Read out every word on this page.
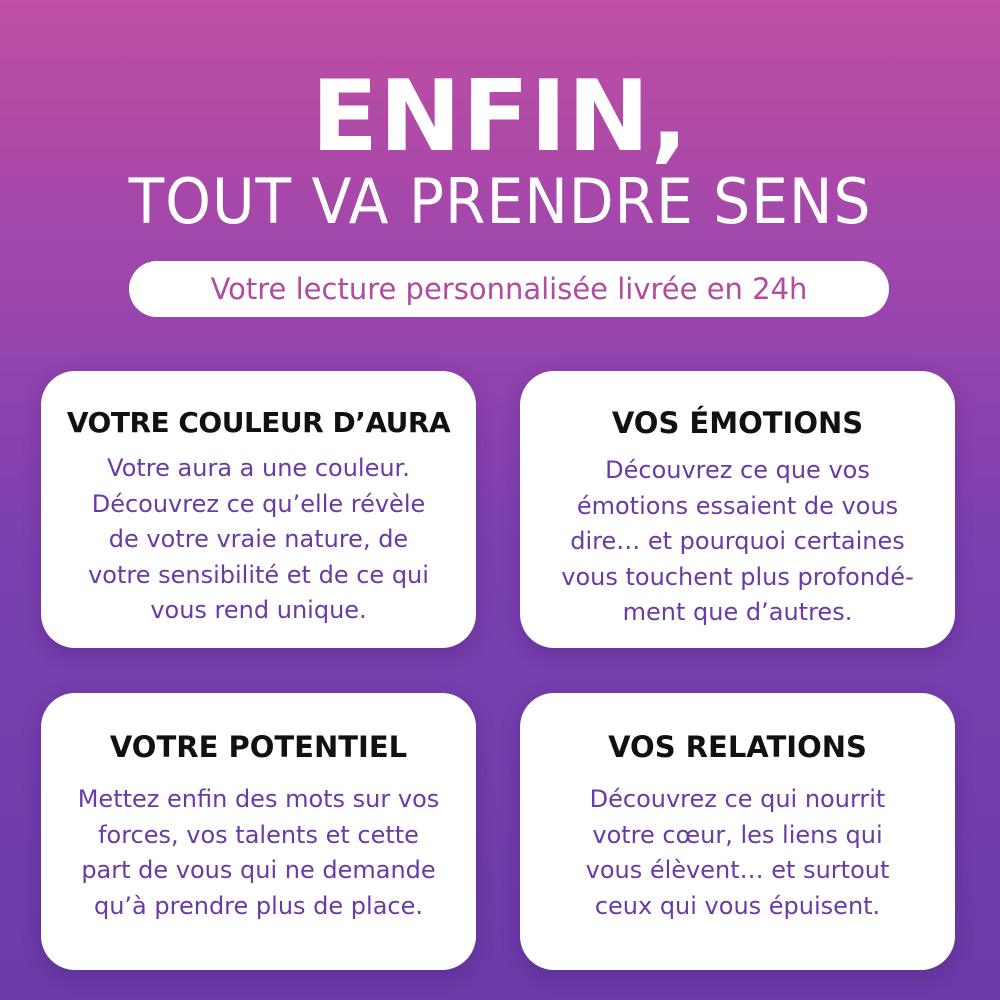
ENFIN,
TOUT VA PRENDRE SENS
Votre lecture personnalisée livrée en 24h
VOTRE COULEUR D’AURA
Votre aura a une couleur.
Découvrez ce qu’elle révèle
de votre vraie nature, de
votre sensibilité et de ce qui
vous rend unique.
VOS ÉMOTIONS
Découvrez ce que vos
émotions essaient de vous
dire… et pourquoi certaines
vous touchent plus profondé-
ment que d’autres.
VOTRE POTENTIEL
Mettez enfin des mots sur vos
forces, vos talents et cette
part de vous qui ne demande
qu’à prendre plus de place.
VOS RELATIONS
Découvrez ce qui nourrit
votre cœur, les liens qui
vous élèvent… et surtout
ceux qui vous épuisent.
